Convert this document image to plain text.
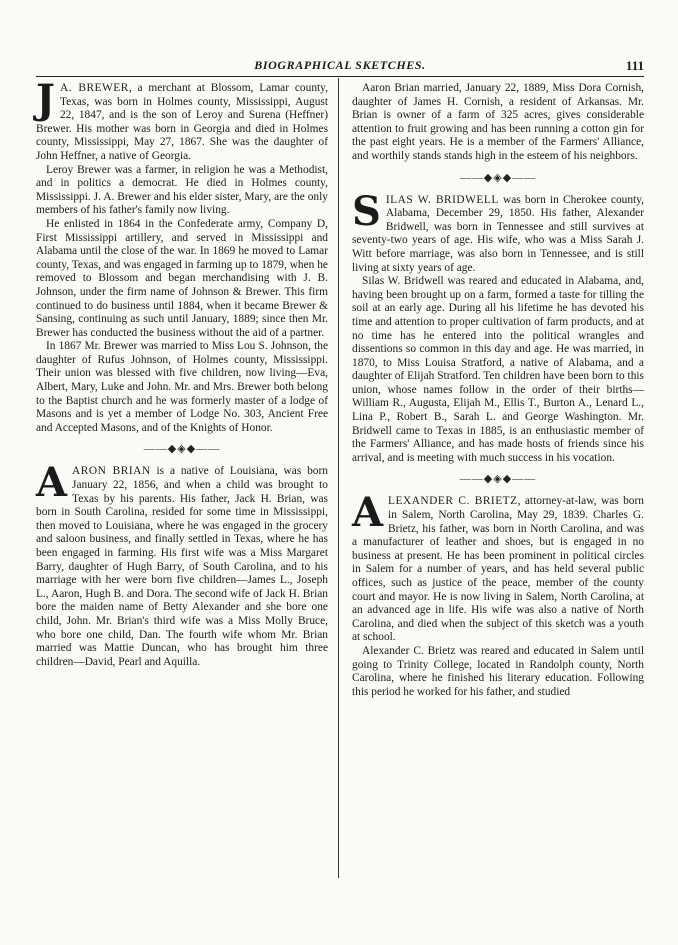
BIOGRAPHICAL SKETCHES.	111

J A. BREWER, a merchant at Blossom, Lamar county, Texas, was born in Holmes county, Mississippi, August 22, 1847, and is the son of Leroy and Surena (Heffner) Brewer. His mother was born in Georgia and died in Holmes county, Mississippi, May 27, 1867. She was the daughter of John Heffner, a native of Georgia.

Leroy Brewer was a farmer, in religion he was a Methodist, and in politics a democrat. He died in Holmes county, Mississippi. J. A. Brewer and his elder sister, Mary, are the only members of his father's family now living.

He enlisted in 1864 in the Confederate army, Company D, First Mississippi artillery, and served in Mississippi and Alabama until the close of the war. In 1869 he moved to Lamar county, Texas, and was engaged in farming up to 1879, when he removed to Blossom and began merchandising with J. B. Johnson, under the firm name of Johnson & Brewer. This firm continued to do business until 1884, when it became Brewer & Sansing, continuing as such until January, 1889; since then Mr. Brewer has conducted the business without the aid of a partner.

In 1867 Mr. Brewer was married to Miss Lou S. Johnson, the daughter of Rufus Johnson, of Holmes county, Mississippi. Their union was blessed with five children, now living—Eva, Albert, Mary, Luke and John. Mr. and Mrs. Brewer both belong to the Baptist church and he was formerly master of a lodge of Masons and is yet a member of Lodge No. 303, Ancient Free and Accepted Masons, and of the Knights of Honor.

——◆◈◆——

AARON BRIAN is a native of Louisiana, was born January 22, 1856, and when a child was brought to Texas by his parents. His father, Jack H. Brian, was born in South Carolina, resided for some time in Mississippi, then moved to Louisiana, where he was engaged in the grocery and saloon business, and finally settled in Texas, where he has been engaged in farming. His first wife was a Miss Margaret Barry, daughter of Hugh Barry, of South Carolina, and to his marriage with her were born five children—James L., Joseph L., Aaron, Hugh B. and Dora. The second wife of Jack H. Brian bore the maiden name of Betty Alexander and she bore one child, John. Mr. Brian's third wife was a Miss Molly Bruce, who bore one child, Dan. The fourth wife whom Mr. Brian married was Mattie Duncan, who has brought him three children—David, Pearl and Aquilla.

Aaron Brian married, January 22, 1889, Miss Dora Cornish, daughter of James H. Cornish, a resident of Arkansas. Mr. Brian is owner of a farm of 325 acres, gives considerable attention to fruit growing and has been running a cotton gin for the past eight years. He is a member of the Farmers' Alliance, and worthily stands stands high in the esteem of his neighbors.

——◆◈◆——

SILAS W. BRIDWELL was born in Cherokee county, Alabama, December 29, 1850. His father, Alexander Bridwell, was born in Tennessee and still survives at seventy-two years of age. His wife, who was a Miss Sarah J. Witt before marriage, was also born in Tennessee, and is still living at sixty years of age.

Silas W. Bridwell was reared and educated in Alabama, and, having been brought up on a farm, formed a taste for tilling the soil at an early age. During all his lifetime he has devoted his time and attention to proper cultivation of farm products, and at no time has he entered into the political wrangles and dissentions so common in this day and age. He was married, in 1870, to Miss Louisa Stratford, a native of Alabama, and a daughter of Elijah Stratford. Ten children have been born to this union, whose names follow in the order of their births—William R., Augusta, Elijah M., Ellis T., Burton A., Lenard L., Lina P., Robert B., Sarah L. and George Washington. Mr. Bridwell came to Texas in 1885, is an enthusiastic member of the Farmers' Alliance, and has made hosts of friends since his arrival, and is meeting with much success in his vocation.

——◆◈◆——

ALEXANDER C. BRIETZ, attorney-at-law, was born in Salem, North Carolina, May 29, 1839. Charles G. Brietz, his father, was born in North Carolina, and was a manufacturer of leather and shoes, but is engaged in no business at present. He has been prominent in political circles in Salem for a number of years, and has held several public offices, such as justice of the peace, member of the county court and mayor. He is now living in Salem, North Carolina, at an advanced age in life. His wife was also a native of North Carolina, and died when the subject of this sketch was a youth at school.

Alexander C. Brietz was reared and educated in Salem until going to Trinity College, located in Randolph county, North Carolina, where he finished his literary education. Following this period he worked for his father, and studied
